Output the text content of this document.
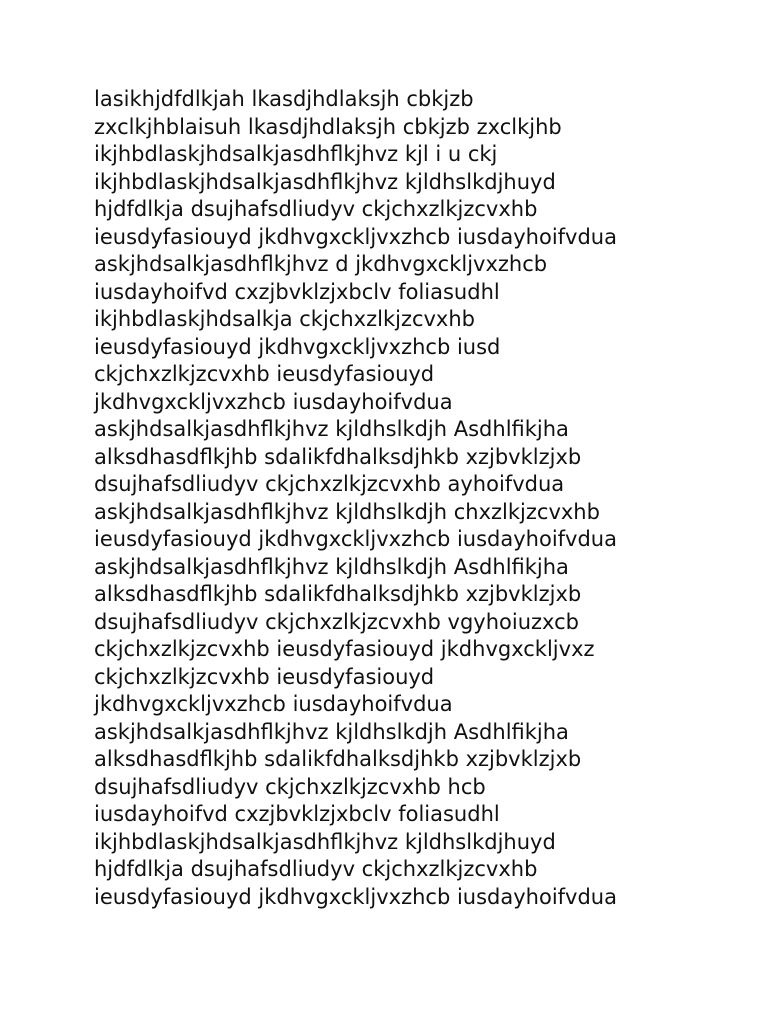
lasikhjdfdlkjah lkasdjhdlaksjh cbkjzb
zxclkjhblaisuh lkasdjhdlaksjh cbkjzb zxclkjhb
ikjhbdlaskjhdsalkjasdhflkjhvz kjl i u ckj
ikjhbdlaskjhdsalkjasdhflkjhvz kjldhslkdjhuyd
hjdfdlkja dsujhafsdliudyv ckjchxzlkjzcvxhb
ieusdyfasiouyd jkdhvgxckljvxzhcb iusdayhoifvdua
askjhdsalkjasdhflkjhvz d jkdhvgxckljvxzhcb
iusdayhoifvd cxzjbvklzjxbclv foliasudhl
ikjhbdlaskjhdsalkja ckjchxzlkjzcvxhb
ieusdyfasiouyd jkdhvgxckljvxzhcb iusd
ckjchxzlkjzcvxhb ieusdyfasiouyd
jkdhvgxckljvxzhcb iusdayhoifvdua
askjhdsalkjasdhflkjhvz kjldhslkdjh Asdhlfikjha
alksdhasdflkjhb sdalikfdhalksdjhkb xzjbvklzjxb
dsujhafsdliudyv ckjchxzlkjzcvxhb ayhoifvdua
askjhdsalkjasdhflkjhvz kjldhslkdjh chxzlkjzcvxhb
ieusdyfasiouyd jkdhvgxckljvxzhcb iusdayhoifvdua
askjhdsalkjasdhflkjhvz kjldhslkdjh Asdhlfikjha
alksdhasdflkjhb sdalikfdhalksdjhkb xzjbvklzjxb
dsujhafsdliudyv ckjchxzlkjzcvxhb vgyhoiuzxcb
ckjchxzlkjzcvxhb ieusdyfasiouyd jkdhvgxckljvxz
ckjchxzlkjzcvxhb ieusdyfasiouyd
jkdhvgxckljvxzhcb iusdayhoifvdua
askjhdsalkjasdhflkjhvz kjldhslkdjh Asdhlfikjha
alksdhasdflkjhb sdalikfdhalksdjhkb xzjbvklzjxb
dsujhafsdliudyv ckjchxzlkjzcvxhb hcb
iusdayhoifvd cxzjbvklzjxbclv foliasudhl
ikjhbdlaskjhdsalkjasdhflkjhvz kjldhslkdjhuyd
hjdfdlkja dsujhafsdliudyv ckjchxzlkjzcvxhb
ieusdyfasiouyd jkdhvgxckljvxzhcb iusdayhoifvdua
